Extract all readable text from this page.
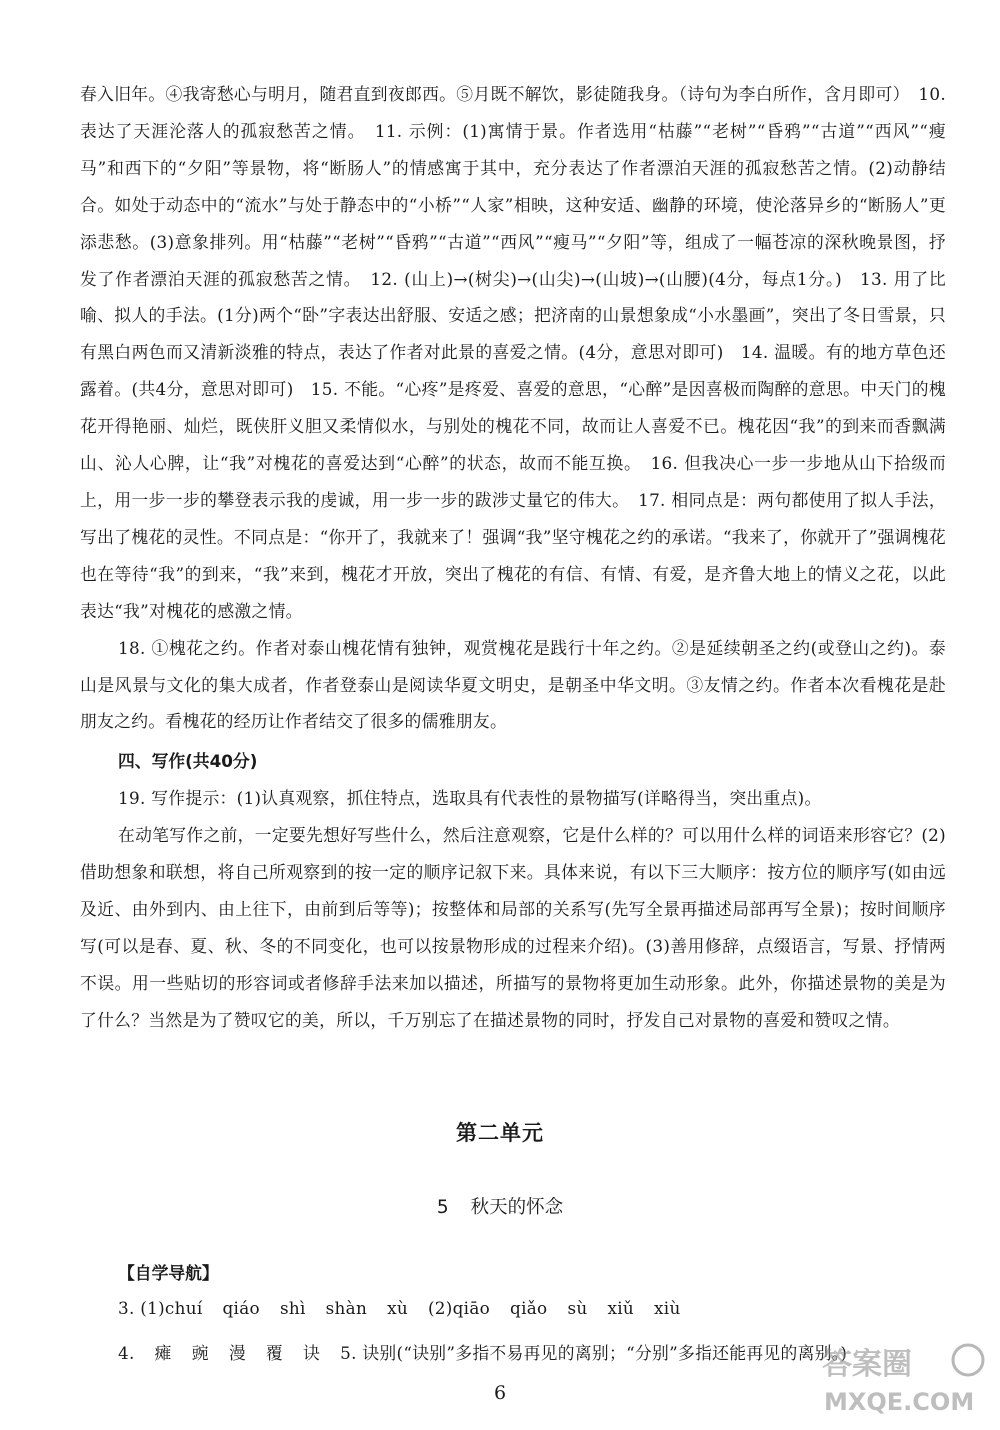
春入旧年。④我寄愁心与明月，随君直到夜郎西。⑤月既不解饮，影徒随我身。（诗句为李白所作，含月即可）　10. 表达了天涯沦落人的孤寂愁苦之情。　11. 示例：(1)寓情于景。作者选用“枯藤”“老树”“昏鸦”“古道”“西风”“瘦马”和西下的“夕阳”等景物，将“断肠人”的情感寓于其中，充分表达了作者漂泊天涯的孤寂愁苦之情。(2)动静结合。如处于动态中的“流水”与处于静态中的“小桥”“人家”相映，这种安适、幽静的环境，使沦落异乡的“断肠人”更添悲愁。(3)意象排列。用“枯藤”“老树”“昏鸦”“古道”“西风”“瘦马”“夕阳”等，组成了一幅苍凉的深秋晚景图，抒发了作者漂泊天涯的孤寂愁苦之情。　12. (山上)→(树尖)→(山尖)→(山坡)→(山腰)(4分，每点1分。)　13. 用了比喻、拟人的手法。(1分)两个“卧”字表达出舒服、安适之感；把济南的山景想象成“小水墨画”，突出了冬日雪景，只有黑白两色而又清新淡雅的特点，表达了作者对此景的喜爱之情。(4分，意思对即可)　14. 温暖。有的地方草色还露着。(共4分，意思对即可)　15. 不能。“心疼”是疼爱、喜爱的意思，“心醉”是因喜极而陶醉的意思。中天门的槐花开得艳丽、灿烂，既侠肝义胆又柔情似水，与别处的槐花不同，故而让人喜爱不已。槐花因“我”的到来而香飘满山、沁人心脾，让“我”对槐花的喜爱达到“心醉”的状态，故而不能互换。　16. 但我决心一步一步地从山下拾级而上，用一步一步的攀登表示我的虔诚，用一步一步的跋涉丈量它的伟大。　17. 相同点是：两句都使用了拟人手法，写出了槐花的灵性。不同点是：“你开了，我就来了！强调“我”坚守槐花之约的承诺。“我来了，你就开了”强调槐花也在等待“我”的到来，“我”来到，槐花才开放，突出了槐花的有信、有情、有爱，是齐鲁大地上的情义之花，以此表达“我”对槐花的感激之情。

18. ①槐花之约。作者对泰山槐花情有独钟，观赏槐花是践行十年之约。②是延续朝圣之约(或登山之约)。泰山是风景与文化的集大成者，作者登泰山是阅读华夏文明史，是朝圣中华文明。③友情之约。作者本次看槐花是赴朋友之约。看槐花的经历让作者结交了很多的儒雅朋友。

四、写作(共40分)

19. 写作提示：(1)认真观察，抓住特点，选取具有代表性的景物描写(详略得当，突出重点)。

在动笔写作之前，一定要先想好写些什么，然后注意观察，它是什么样的？可以用什么样的词语来形容它？(2)借助想象和联想，将自己所观察到的按一定的顺序记叙下来。具体来说，有以下三大顺序：按方位的顺序写(如由远及近、由外到内、由上往下，由前到后等等)；按整体和局部的关系写(先写全景再描述局部再写全景)；按时间顺序写(可以是春、夏、秋、冬的不同变化，也可以按景物形成的过程来介绍)。(3)善用修辞，点缀语言，写景、抒情两不误。用一些贴切的形容词或者修辞手法来加以描述，所描写的景物将更加生动形象。此外，你描述景物的美是为了什么？当然是为了赞叹它的美，所以，千万别忘了在描述景物的同时，抒发自己对景物的喜爱和赞叹之情。

第二单元
5 秋天的怀念
【自学导航】
3. (1)chuí qiáo shì shàn xù (2)qiāo qiǎo sù xiǔ xiù
4. 瘫 豌 漫 覆 诀 5. 诀别(“诀别”多指不易再见的离别；“分别”多指还能再见的离别。)
6
答案圈
MXQE.COM
